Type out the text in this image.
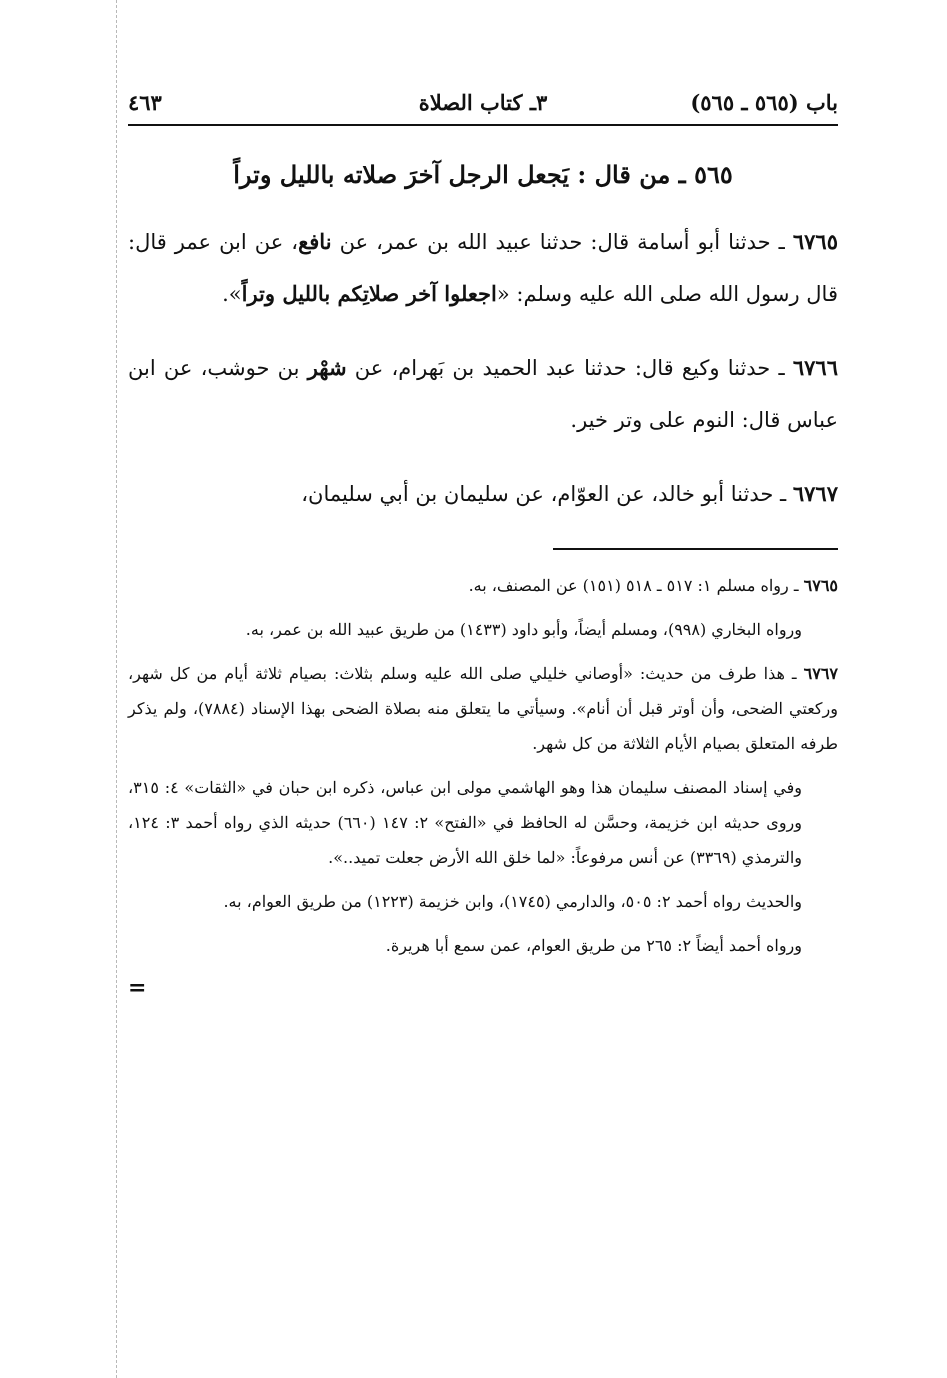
باب (٥٦٥ ـ ٥٦٥)
٣ـ كتاب الصلاة
٤٦٣
٥٦٥ ـ من قال : يَجعل الرجل آخرَ صلاته بالليل وتراً
٦٧٦٥ ـ حدثنا أبو أسامة قال: حدثنا عبيد الله بن عمر، عن نافع، عن ابن عمر قال: قال رسول الله صلى الله عليه وسلم: «اجعلوا آخر صلاتِكم بالليل وتراً».
٦٧٦٦ ـ حدثنا وكيع قال: حدثنا عبد الحميد بن بَهرام، عن شهْر بن حوشب، عن ابن عباس قال: النوم على وتر خير.
٦٧٦٧ ـ حدثنا أبو خالد، عن العوّام، عن سليمان بن أبي سليمان،
٦٧٦٥ ـ رواه مسلم ١: ٥١٧ ـ ٥١٨ (١٥١) عن المصنف، به.
ورواه البخاري (٩٩٨)، ومسلم أيضاً، وأبو داود (١٤٣٣) من طريق عبيد الله بن عمر، به.
٦٧٦٧ ـ هذا طرف من حديث: «أوصاني خليلي صلى الله عليه وسلم بثلاث: بصيام ثلاثة أيام من كل شهر، وركعتي الضحى، وأن أوتر قبل أن أنام». وسيأتي ما يتعلق منه بصلاة الضحى بهذا الإسناد (٧٨٨٤)، ولم يذكر طرفه المتعلق بصيام الأيام الثلاثة من كل شهر.
وفي إسناد المصنف سليمان هذا وهو الهاشمي مولى ابن عباس، ذكره ابن حبان في «الثقات» ٤: ٣١٥، وروى حديثه ابن خزيمة، وحسَّن له الحافظ في «الفتح» ٢: ١٤٧ (٦٦٠) حديثه الذي رواه أحمد ٣: ١٢٤، والترمذي (٣٣٦٩) عن أنس مرفوعاً: «لما خلق الله الأرض جعلت تميد..».
والحديث رواه أحمد ٢: ٥٠٥، والدارمي (١٧٤٥)، وابن خزيمة (١٢٢٣) من طريق العوام، به.
ورواه أحمد أيضاً ٢: ٢٦٥ من طريق العوام، عمن سمع أبا هريرة.
=
